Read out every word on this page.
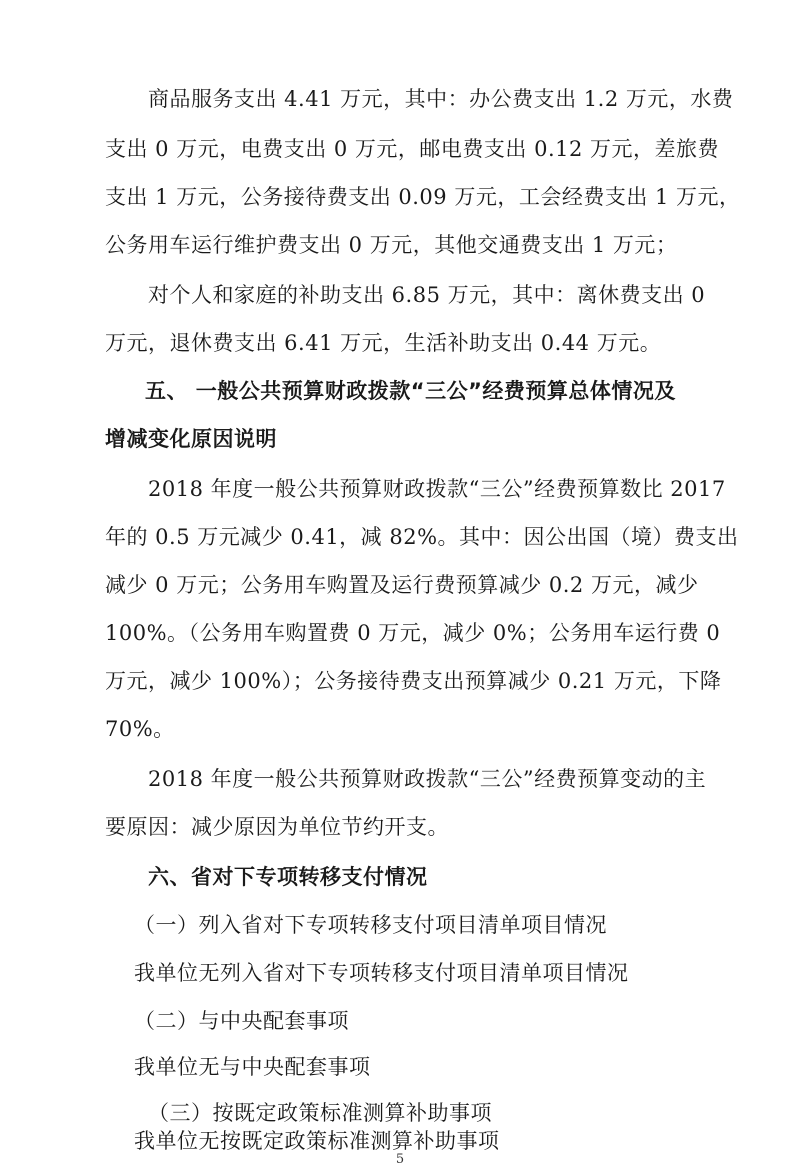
商品服务支出 4.41 万元，其中：办公费支出 1.2 万元，水费
支出 0 万元，电费支出 0 万元，邮电费支出 0.12 万元，差旅费
支出 1 万元，公务接待费支出 0.09 万元，工会经费支出 1 万元，
公务用车运行维护费支出 0 万元，其他交通费支出 1 万元；
对个人和家庭的补助支出 6.85 万元，其中：离休费支出 0
万元，退休费支出 6.41 万元，生活补助支出 0.44 万元。
五、 一般公共预算财政拨款“三公”经费预算总体情况及
增减变化原因说明
2018 年度一般公共预算财政拨款“三公”经费预算数比 2017
年的 0.5 万元减少 0.41，减 82%。其中：因公出国（境）费支出
减少 0 万元；公务用车购置及运行费预算减少 0.2 万元，减少
100%。（公务用车购置费 0 万元，减少 0%；公务用车运行费 0
万元，减少 100%）；公务接待费支出预算减少 0.21 万元，下降
70%。
2018 年度一般公共预算财政拨款“三公”经费预算变动的主
要原因：减少原因为单位节约开支。
六、省对下专项转移支付情况
（一）列入省对下专项转移支付项目清单项目情况
我单位无列入省对下专项转移支付项目清单项目情况
（二）与中央配套事项
我单位无与中央配套事项
（三）按既定政策标准测算补助事项
我单位无按既定政策标准测算补助事项
5
